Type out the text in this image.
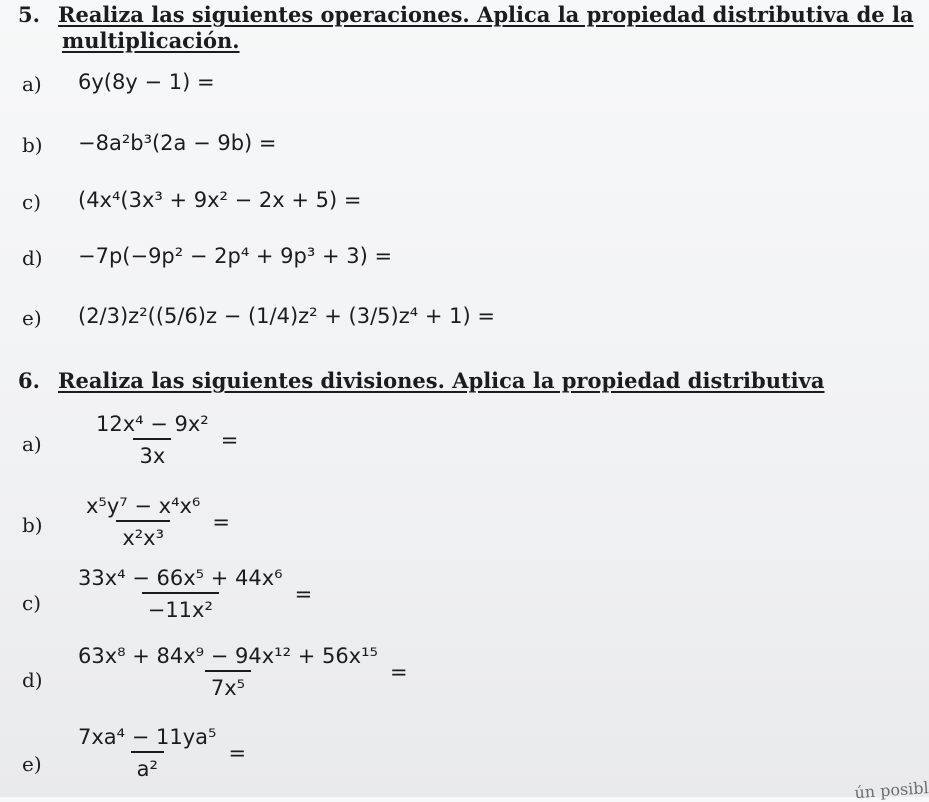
5. Realiza las siguientes operaciones. Aplica la propiedad distributiva de la
multiplicación.
a) 6y(8y − 1) =
b) −8a²b³(2a − 9b) =
c) (4x⁴(3x³ + 9x² − 2x + 5) =
d) −7p(−9p² − 2p⁴ + 9p³ + 3) =
e) (2/3)z²((5/6)z − (1/4)z² + (3/5)z⁴ + 1) =
6. Realiza las siguientes divisiones. Aplica la propiedad distributiva
$a) \frac{\text{12x⁴ − 9x²}}{3x}$ =
$b) \frac{\text{x⁵y⁷ − x⁴x⁶}}{\text{x²x³}}$ =
$c) \frac{\text{33x⁴ − 66x⁵ + 44x⁶}}{\text{−11x²}}$ =
$d) \frac{\text{63x⁸ + 84x⁹ − 94x¹² + 56x¹⁵}}{\text{7x⁵}}$ =
$e) \frac{\text{7xa⁴ − 11ya⁵}}{\text{a²}}$ =
ún posibl
